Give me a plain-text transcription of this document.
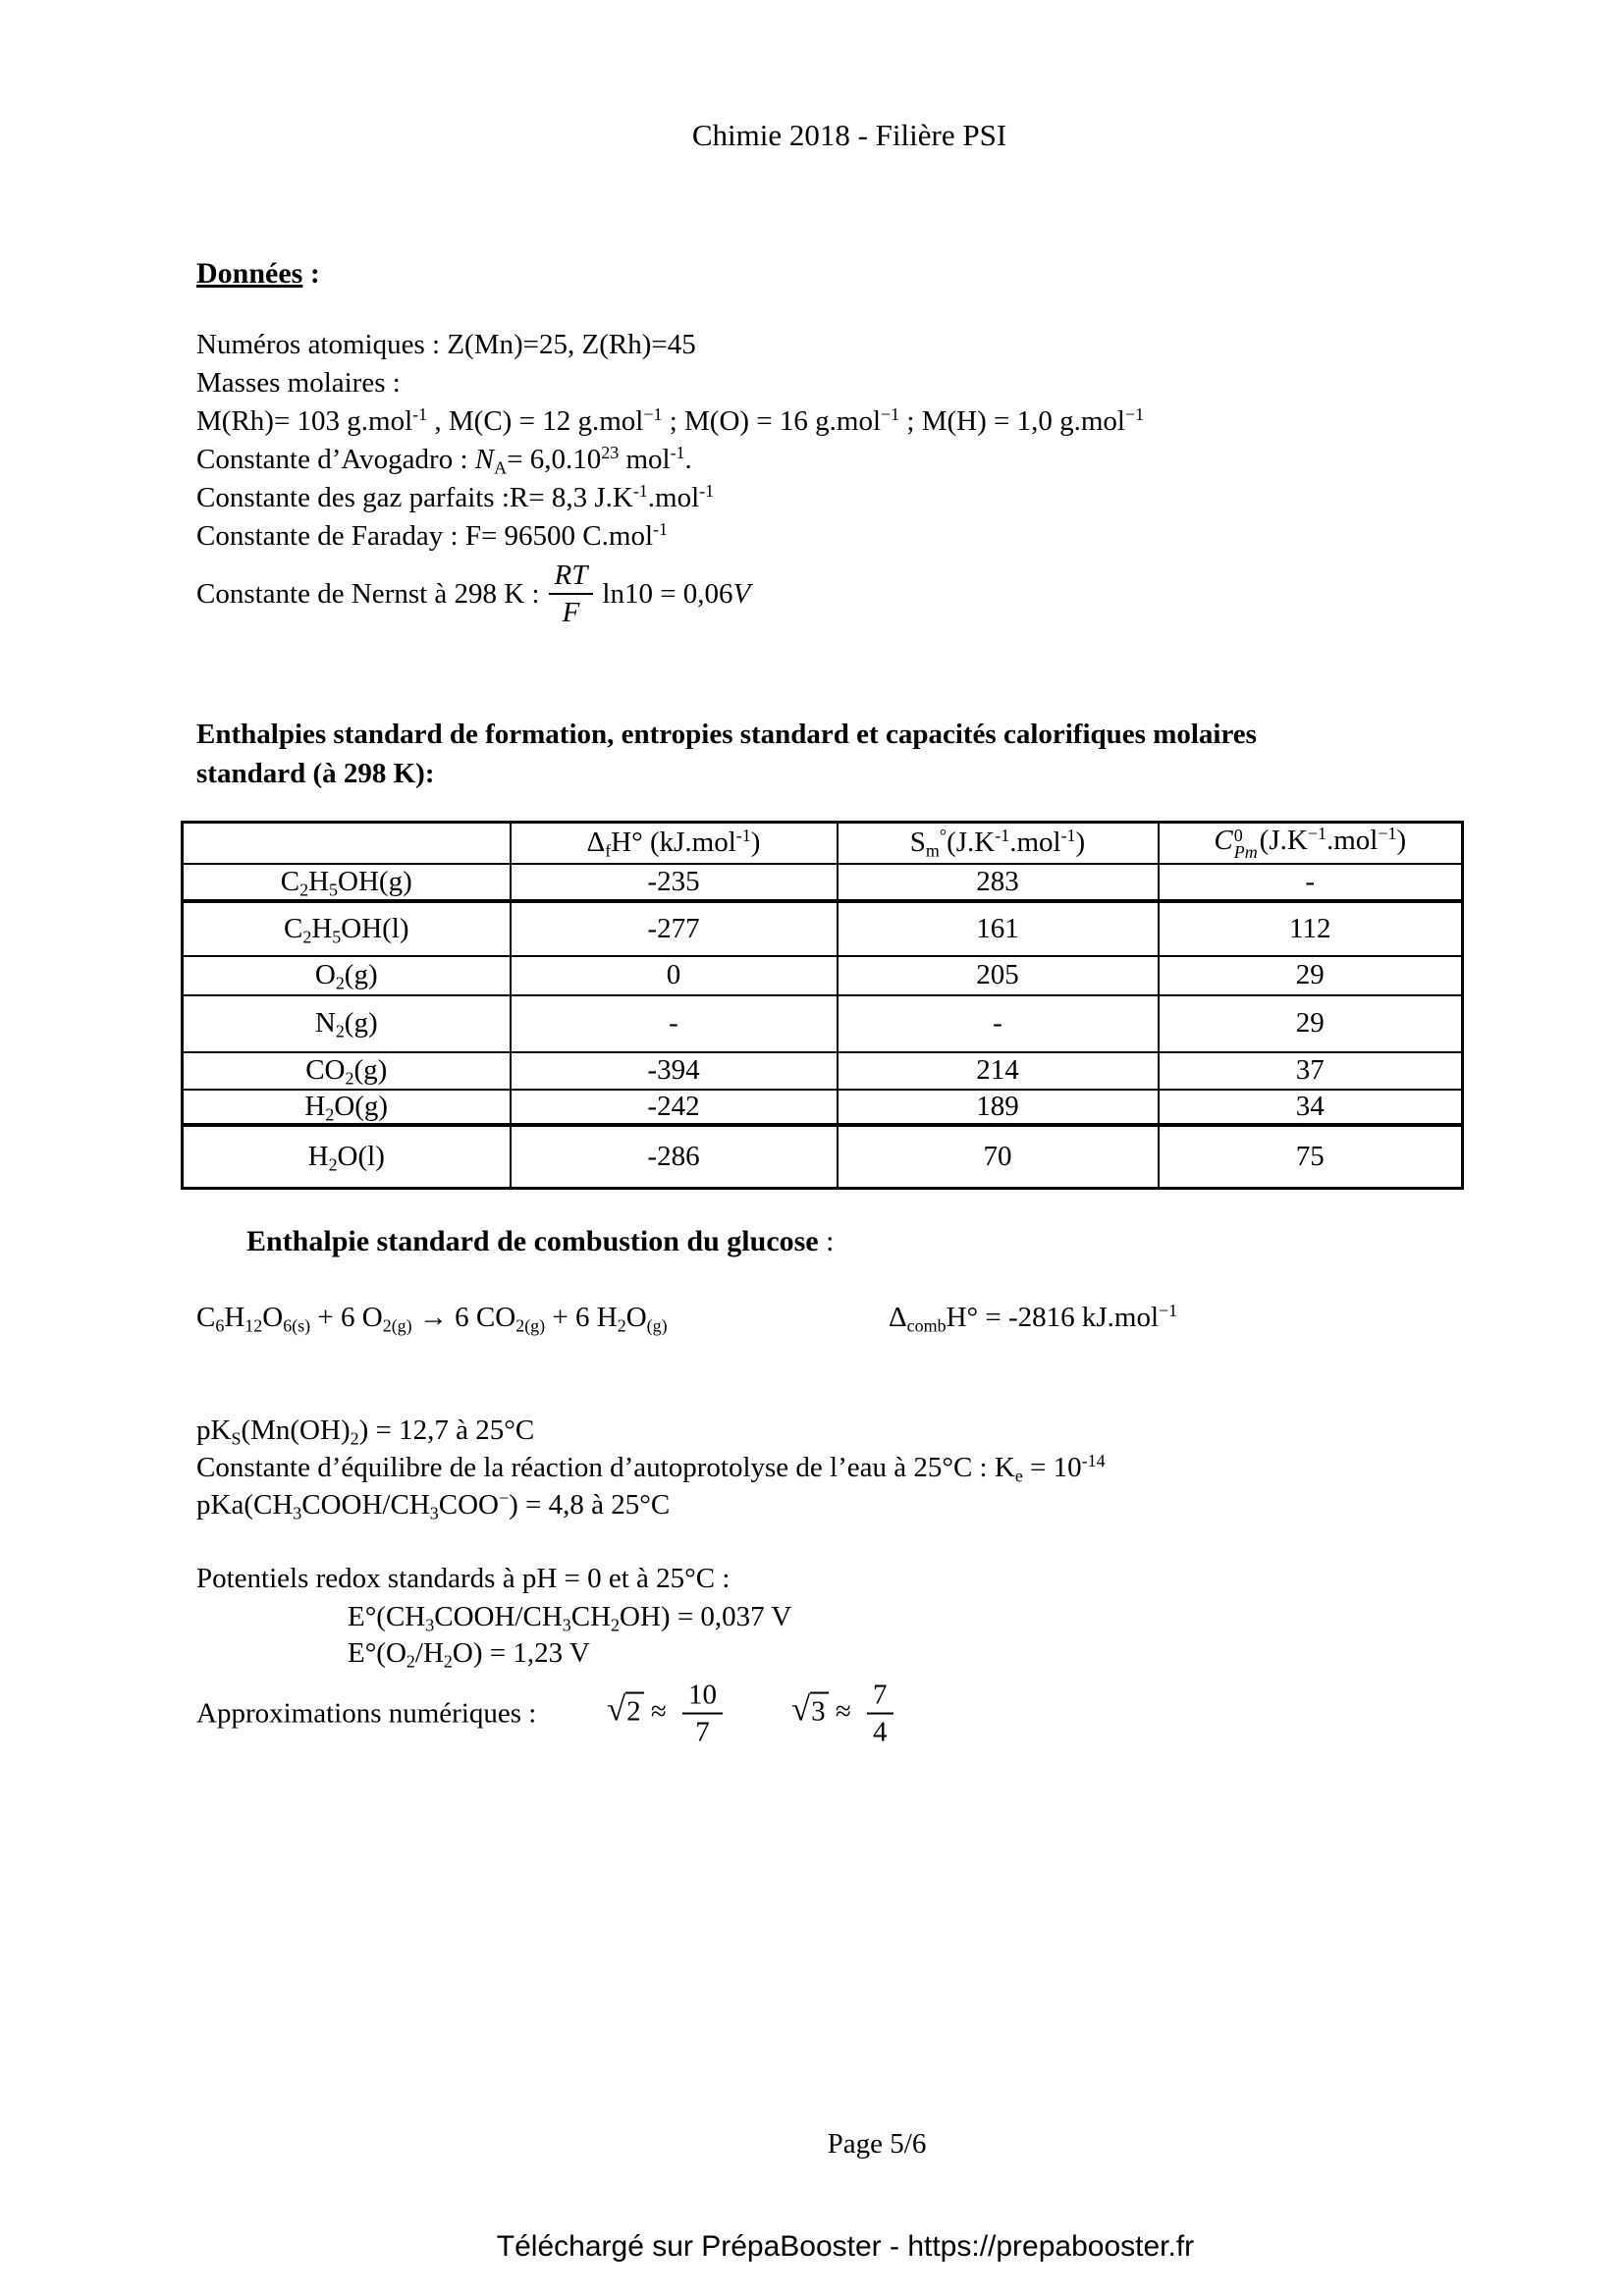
Chimie 2018 - Filière PSI
Données :
Numéros atomiques : Z(Mn)=25, Z(Rh)=45
Masses molaires :
M(Rh)= 103 g.mol$^{-1}$ , M(C) = 12 g.mol$^{-1}$ ; M(O) = 16 g.mol$^{-1}$ ; M(H) = 1,0 g.mol$^{-1}$
Constante d’Avogadro : $N_A= 6,0.10^{23}$ mol$^{-1}$.
Constante des gaz parfaits :R= 8,3 $J.K^{-1}.mol^{-1}$
Constante de Faraday : F= 96500 C.mol$^{-1}$
Constante de Nernst à 298 K : $\frac{RT}{F} \ln 10 = 0,06$ V
Enthalpies standard de formation, entropies standard et capacités calorifiques molaires
standard (à 298 K):
	$\Delta_fH^\circ$ (kJ.mol$^{-1}$)	$S_m^\circ(J.K^{-1}.mol^{-1})$	C 0
Pm $(J.K^{-1}.mol^{-1})$
$C_2H_5OH(g)$	-235	283	-
$C_2H_5OH(l)$	-277	161	112
$O_2(g)$	0	205	29
$N_2(g)$	-	-	29
$CO_2(g)$	-394	214	37
$H_2O(g)$	-242	189	34
$H_2O(l)$	-286	70	75
Enthalpie standard de combustion du glucose :
$C_6H_{12}O_{6(s)} + 6$ $O_{2(g)} \to 6$ $CO_{2(g)} + 6$ $H_2O_{(g)}$	$\Delta_{comb}H^\circ = -2816$ kJ.mol$^{-1}$
$pK_S(Mn(OH)_2) = 12,7$ à 25°C
Constante d’équilibre de la réaction d’autoprotolyse de l’eau à 25°C : $K_e = 10^{-14}$
$pKa(CH_3COOH/CH_3COO^-) = 4,8$ à 25°C
Potentiels redox standards à pH = 0 et à 25°C :
$E^\circ(CH_3COOH/CH_3CH_2OH) = 0,037$ V
$E^\circ(O_2/H_2O) = 1,23$ V
Approximations numériques : $√2 \approx \frac{10}{7} √3 \approx \frac{7}{4}$
Page 5/6
Téléchargé sur PrépaBooster - https://prepabooster.fr
